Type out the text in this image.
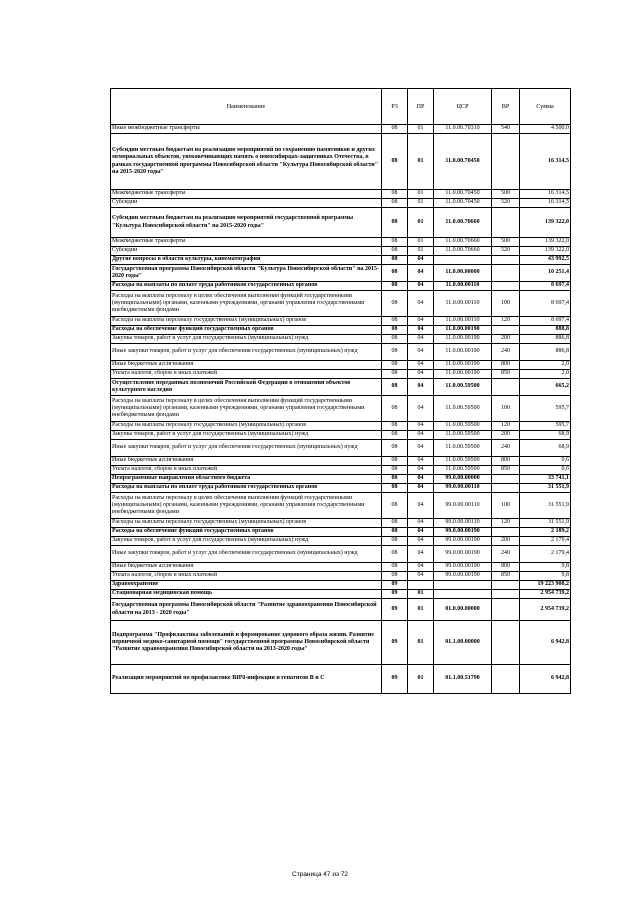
Наименование	РЗ	ПР	ЦСР	ВР	Сумма
Иные межбюджетные трансферты	08	01	11.0.00.70310	540	4 500,0
Субсидии местным бюджетам на реализацию мероприятий по сохранению памятников и других мемориальных объектов, увековечивающих память о новосибирцах-защитниках Отечества, в рамках государственной программы Новосибирской области "Культура Новосибирской области" на 2015-2020 годы"	08	01	11.0.00.70450		16 314,5
Межбюджетные трансферты	08	01	11.0.00.70450	500	16 314,5
Субсидии	08	01	11.0.00.70450	520	16 314,5
Субсидии местным бюджетам на реализацию мероприятий государственной программы "Культура Новосибирской области" на 2015-2020 годы"	08	01	11.0.00.70660		139 322,0
Межбюджетные трансферты	08	01	11.0.00.70660	500	139 322,0
Субсидии	08	01	11.0.00.70660	520	139 322,0
Другие вопросы в области культуры, кинематографии	08	04			43 992,5
Государственная программа Новосибирской области "Культура Новосибирской области" на 2015-2020 годы"	08	04	11.0.00.00000		10 251,4
Расходы на выплаты по оплате труда работников государственных органов	08	04	11.0.00.00110		8 697,4
Расходы на выплаты персоналу в целях обеспечения выполнения функций государственными (муниципальными) органами, казенными учреждениями, органами управления государственными внебюджетными фондами	08	04	11.0.00.00110	100	8 697,4
Расходы на выплаты персоналу государственных (муниципальных) органов	08	04	11.0.00.00110	120	8 697,4
Расходы на обеспечение функций государственных органов	08	04	11.0.00.00190		888,8
Закупка товаров, работ и услуг для государственных (муниципальных) нужд	08	04	11.0.00.00190	200	886,8
Иные закупки товаров, работ и услуг для обеспечения государственных (муниципальных) нужд	08	04	11.0.00.00190	240	886,8
Иные бюджетные ассигнования	08	04	11.0.00.00190	800	2,0
Уплата налогов, сборов и иных платежей	08	04	11.0.00.00190	850	2,0
Осуществление переданных полномочий Российской Федерации в отношении объектов культурного наследия	08	04	11.0.00.59500		665,2
Расходы на выплаты персоналу в целях обеспечения выполнения функций государственными (муниципальными) органами, казенными учреждениями, органами управления государственными внебюджетными фондами	08	04	11.0.00.59500	100	595,7
Расходы на выплаты персоналу государственных (муниципальных) органов	08	04	11.0.00.59500	120	595,7
Закупка товаров, работ и услуг для государственных (муниципальных) нужд	08	04	11.0.00.59500	200	68,9
Иные закупки товаров, работ и услуг для обеспечения государственных (муниципальных) нужд	08	04	11.0.00.59500	240	68,9
Иные бюджетные ассигнования	08	04	11.0.00.59500	800	0,6
Уплата налогов, сборов и иных платежей	08	04	11.0.00.59500	850	0,6
Непрограммные направления областного бюджета	08	04	99.0.00.00000		33 741,1
Расходы на выплаты по оплате труда работников государственных органов	08	04	99.0.00.00110		31 551,9
Расходы на выплаты персоналу в целях обеспечения выполнения функций государственными (муниципальными) органами, казенными учреждениями, органами управления государственными внебюджетными фондами	08	04	99.0.00.00110	100	31 551,9
Расходы на выплаты персоналу государственных (муниципальных) органов	08	04	99.0.00.00110	120	31 551,9
Расходы на обеспечение функций государственных органов	08	04	99.0.00.00190		2 189,2
Закупка товаров, работ и услуг для государственных (муниципальных) нужд	08	04	99.0.00.00190	200	2 179,4
Иные закупки товаров, работ и услуг для обеспечения государственных (муниципальных) нужд	08	04	99.0.00.00190	240	2 179,4
Иные бюджетные ассигнования	08	04	99.0.00.00190	800	9,8
Уплата налогов, сборов и иных платежей	08	04	99.0.00.00190	850	9,8
Здравоохранение	09				19 223 908,2
Стационарная медицинская помощь	09	01			2 954 739,2
Государственная программа Новосибирской области "Развитие здравоохранения Новосибирской области на 2013 - 2020 годы"	09	01	01.0.00.00000		2 954 739,2
Подпрограмма "Профилактика заболеваний и формирование здорового образа жизни. Развитие первичной медико-санитарной помощи" государственной программы Новосибирской области "Развитие здравоохранения Новосибирской области на 2013-2020 годы"	09	01	01.1.00.00000		6 942,8
Реализация мероприятий по профилактике ВИЧ-инфекции и гепатитов В и С	09	01	01.1.00.51790		6 942,8
Страница 47 из 72
